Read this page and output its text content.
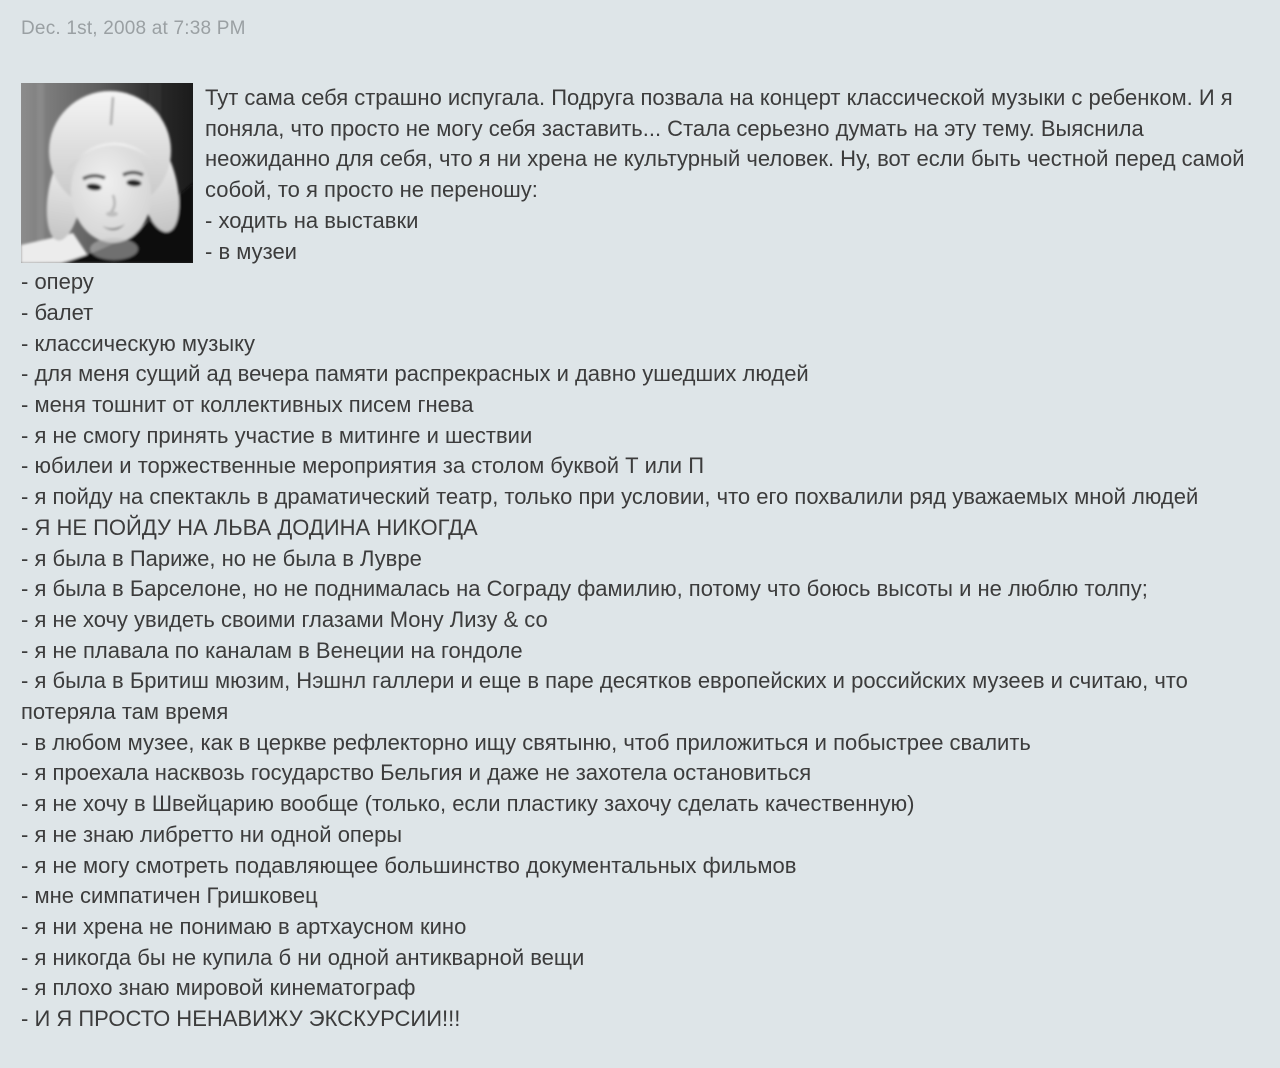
Dec. 1st, 2008 at 7:38 PM
Тут сама себя страшно испугала. Подруга позвала на концерт классической музыки с ребенком. И я поняла, что просто не могу себя заставить... Стала серьезно думать на эту тему. Выяснила неожиданно для себя, что я ни хрена не культурный человек. Ну, вот если быть честной перед самой собой, то я просто не переношу:
- ходить на выставки
- в музеи
- оперу
- балет
- классическую музыку
- для меня сущий ад вечера памяти распрекрасных и давно ушедших людей
- меня тошнит от коллективных писем гнева
- я не смогу принять участие в митинге и шествии
- юбилеи и торжественные мероприятия за столом буквой Т или П
- я пойду на спектакль в драматический театр, только при условии, что его похвалили ряд уважаемых мной людей
- Я НЕ ПОЙДУ НА ЛЬВА ДОДИНА НИКОГДА
- я была в Париже, но не была в Лувре
- я была в Барселоне, но не поднималась на Сограду фамилию, потому что боюсь высоты и не люблю толпу;
- я не хочу увидеть своими глазами Мону Лизу & со
- я не плавала по каналам в Венеции на гондоле
- я была в Бритиш мюзим, Нэшнл галлери и еще в паре десятков европейских и российских музеев и считаю, что потеряла там время
- в любом музее, как в церкве рефлекторно ищу святыню, чтоб приложиться и побыстрее свалить
- я проехала насквозь государство Бельгия и даже не захотела остановиться
- я не хочу в Швейцарию вообще (только, если пластику захочу сделать качественную)
- я не знаю либретто ни одной оперы
- я не могу смотреть подавляющее большинство документальных фильмов
- мне симпатичен Гришковец
- я ни хрена не понимаю в артхаусном кино
- я никогда бы не купила б ни одной антикварной вещи
- я плохо знаю мировой кинематограф
- И Я ПРОСТО НЕНАВИЖУ ЭКСКУРСИИ!!!
